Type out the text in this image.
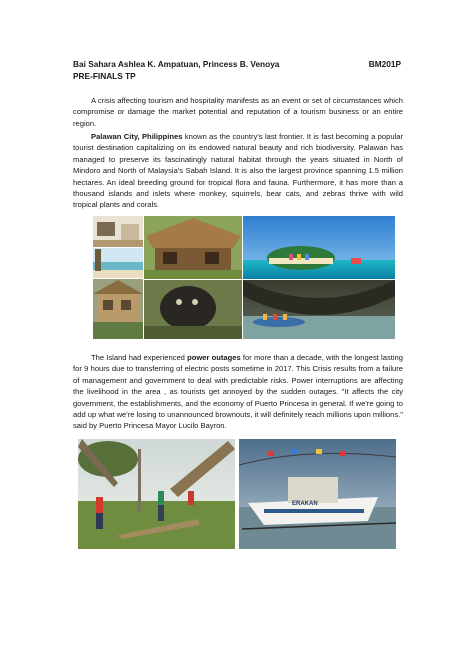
Bai Sahara Ashlea K. Ampatuan, Princess B. Venoya	BM201P
PRE-FINALS TP

A crisis affecting tourism and hospitality manifests as an event or set of circumstances which compromise or damage the market potential and reputation of a tourism business or an entire region.

Palawan City, Philippines known as the country's last frontier. It is fast becoming a popular tourist destination capitalizing on its endowed natural beauty and rich biodiversity. Palawan has managed to preserve its fascinatingly natural habitat through the years situated in North of Mindoro and North of Malaysia's Sabah Island. It is also the largest province spanning 1.5 million hectares. An ideal breeding ground for tropical flora and fauna. Furthermore, it has more than a thousand islands and islets where monkey, squirrels, bear cats, and zebras thrive with wild tropical plants and corals.

The Island had experienced power outages for more than a decade, with the longest lasting for 9 hours due to transferring of electric posts sometime in 2017. This Crisis results from a failure of management and government to deal with predictable risks. Power interruptions are affecting the livelihood in the area , as tourists get annoyed by the sudden outages. "It affects the city government, the establishments, and the economy of Puerto Princesa in general. If we're going to add up what we're losing to unannounced brownouts, it will definitely reach millions upon millions." said by Puerto Princesa Mayor Lucilo Bayron.

ERAKAN
